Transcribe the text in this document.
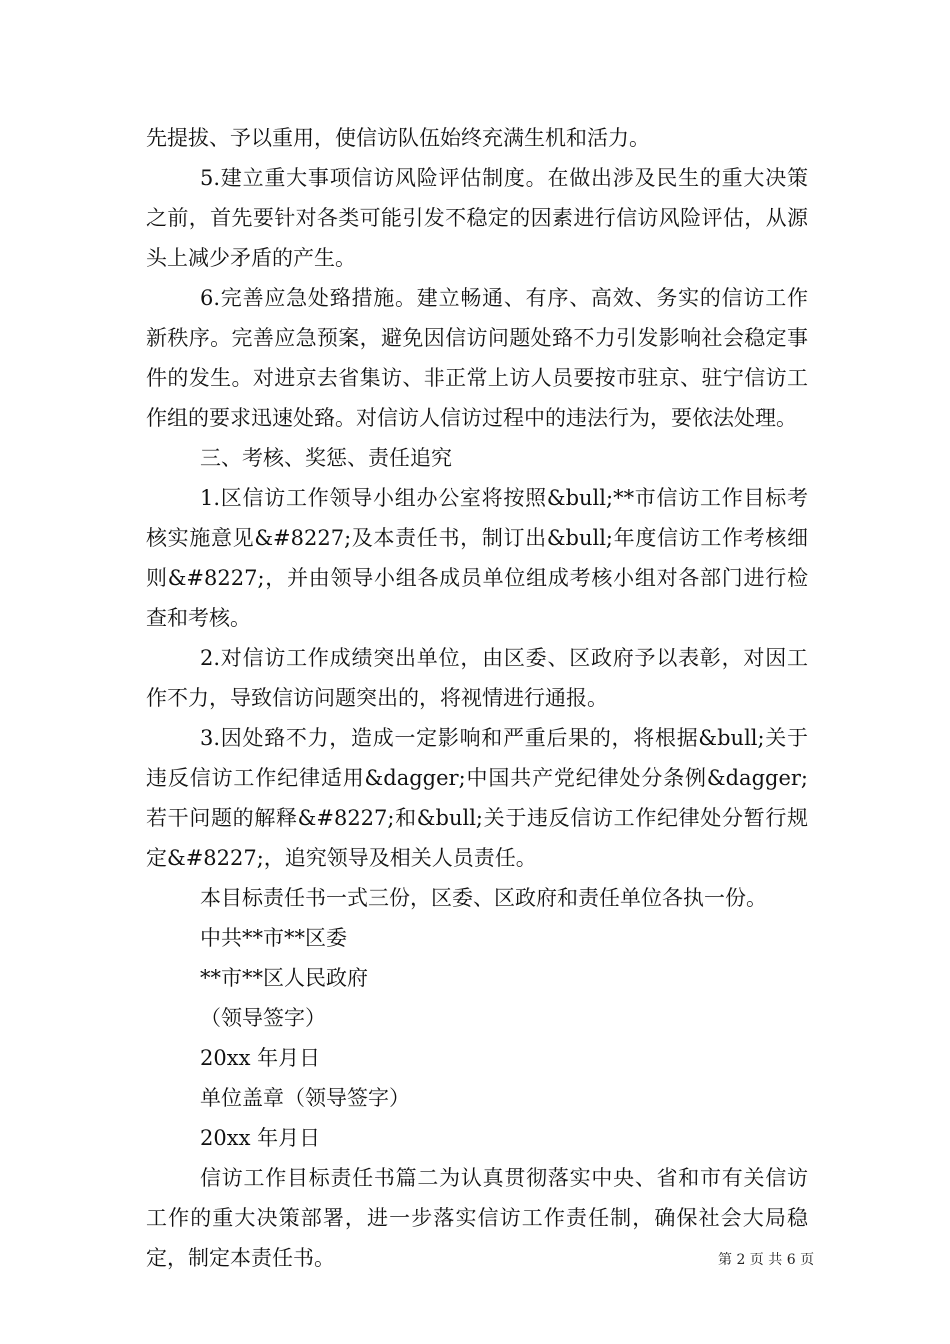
先提拔、予以重用，使信访队伍始终充满生机和活力。

5.建立重大事项信访风险评估制度。在做出涉及民生的重大决策之前，首先要针对各类可能引发不稳定的因素进行信访风险评估，从源头上减少矛盾的产生。

6.完善应急处臵措施。建立畅通、有序、高效、务实的信访工作新秩序。完善应急预案，避免因信访问题处臵不力引发影响社会稳定事件的发生。对进京去省集访、非正常上访人员要按市驻京、驻宁信访工作组的要求迅速处臵。对信访人信访过程中的违法行为，要依法处理。

三、考核、奖惩、责任追究

1.区信访工作领导小组办公室将按照&bull;**市信访工作目标考核实施意见&#8227;及本责任书，制订出&bull;年度信访工作考核细则&#8227;，并由领导小组各成员单位组成考核小组对各部门进行检查和考核。

2.对信访工作成绩突出单位，由区委、区政府予以表彰，对因工作不力，导致信访问题突出的，将视情进行通报。

3.因处臵不力，造成一定影响和严重后果的，将根据&bull;关于违反信访工作纪律适用&dagger;中国共产党纪律处分条例&dagger;若干问题的解释&#8227;和&bull;关于违反信访工作纪律处分暂行规定&#8227;，追究领导及相关人员责任。

本目标责任书一式三份，区委、区政府和责任单位各执一份。

中共**市**区委

**市**区人民政府

（领导签字）

20xx 年月日

单位盖章（领导签字）

20xx 年月日

信访工作目标责任书篇二为认真贯彻落实中央、省和市有关信访工作的重大决策部署，进一步落实信访工作责任制，确保社会大局稳定，制定本责任书。	第 2 页 共 6 页
